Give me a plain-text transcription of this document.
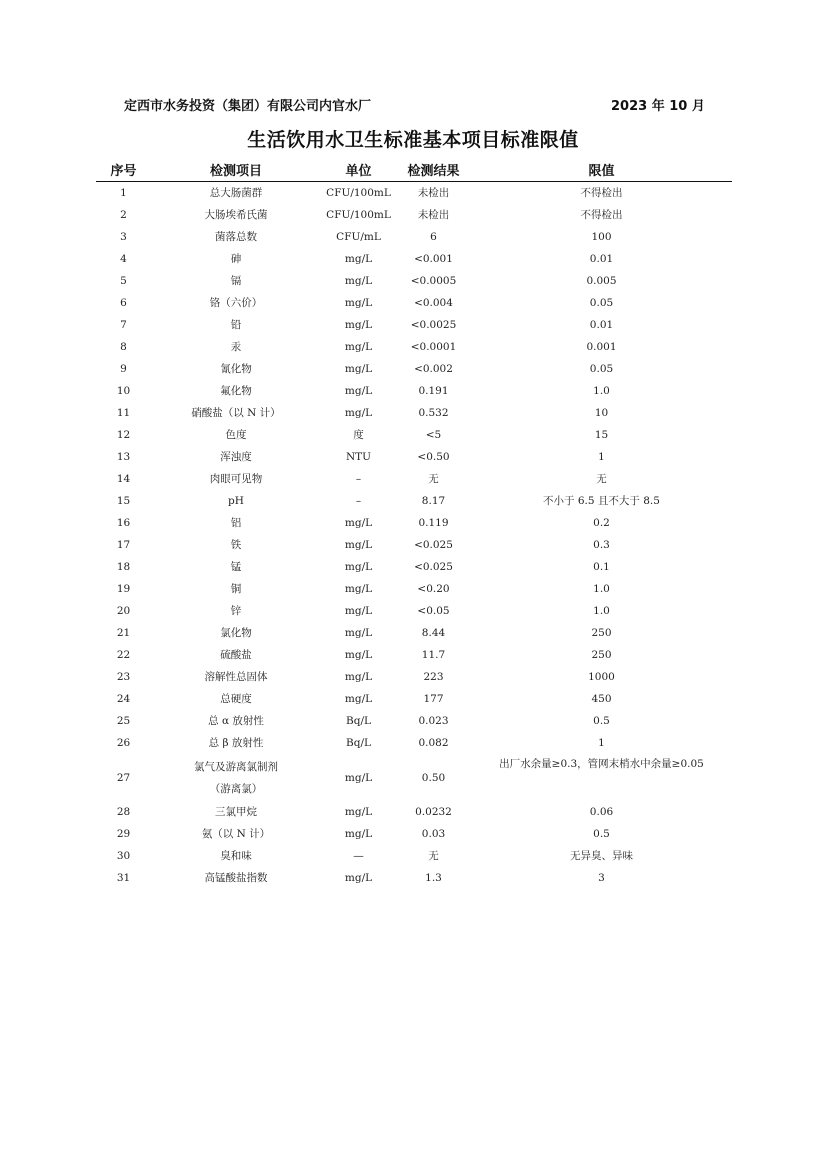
定西市水务投资（集团）有限公司内官水厂	2023 年 10 月
生活饮用水卫生标准基本项目标准限值
序号	检测项目	单位	检测结果	限值
1	总大肠菌群	CFU/100mL	未检出	不得检出
2	大肠埃希氏菌	CFU/100mL	未检出	不得检出
3	菌落总数	CFU/mL	6	100
4	砷	mg/L	<0.001	0.01
5	镉	mg/L	<0.0005	0.005
6	铬（六价）	mg/L	<0.004	0.05
7	铅	mg/L	<0.0025	0.01
8	汞	mg/L	<0.0001	0.001
9	氰化物	mg/L	<0.002	0.05
10	氟化物	mg/L	0.191	1.0
11	硝酸盐（以 N 计）	mg/L	0.532	10
12	色度	度	<5	15
13	浑浊度	NTU	<0.50	1
14	肉眼可见物	–	无	无
15	pH	–	8.17	不小于 6.5 且不大于 8.5
16	铝	mg/L	0.119	0.2
17	铁	mg/L	<0.025	0.3
18	锰	mg/L	<0.025	0.1
19	铜	mg/L	<0.20	1.0
20	锌	mg/L	<0.05	1.0
21	氯化物	mg/L	8.44	250
22	硫酸盐	mg/L	11.7	250
23	溶解性总固体	mg/L	223	1000
24	总硬度	mg/L	177	450
25	总 α 放射性	Bq/L	0.023	0.5
26	总 β 放射性	Bq/L	0.082	1
27	氯气及游离氯制剂
（游离氯）	mg/L	0.50	出厂水余量≥0.3，管网末梢水中余量≥0.05
28	三氯甲烷	mg/L	0.0232	0.06
29	氨（以 N 计）	mg/L	0.03	0.5
30	臭和味	—	无	无异臭、异味
31	高锰酸盐指数	mg/L	1.3	3
